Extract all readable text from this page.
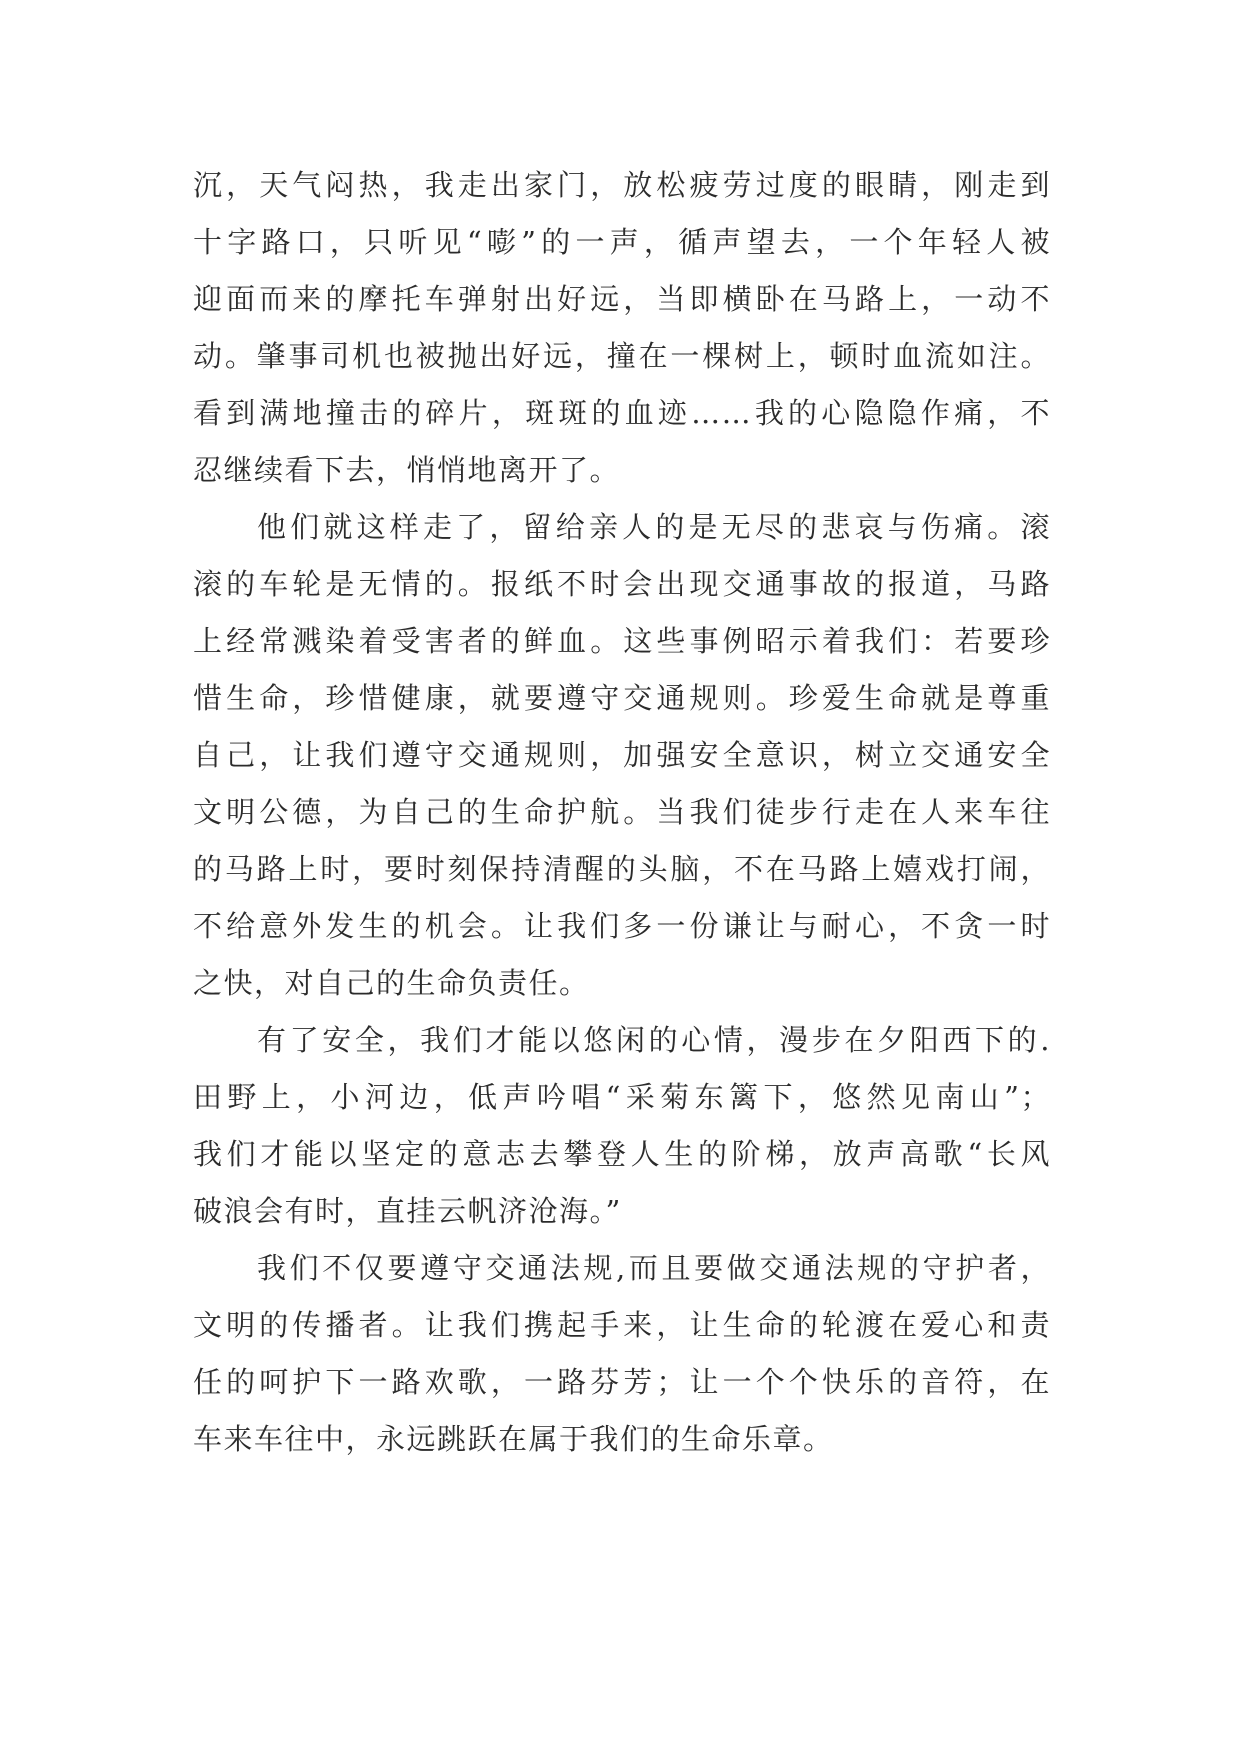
沉，天气闷热，我走出家门，放松疲劳过度的眼睛，刚走到
十字路口，只听见“嘭”的一声，循声望去，一个年轻人被
迎面而来的摩托车弹射出好远，当即横卧在马路上，一动不
动。肇事司机也被抛出好远，撞在一棵树上，顿时血流如注。
看到满地撞击的碎片，斑斑的血迹……我的心隐隐作痛，不
忍继续看下去，悄悄地离开了。
他们就这样走了，留给亲人的是无尽的悲哀与伤痛。滚
滚的车轮是无情的。报纸不时会出现交通事故的报道，马路
上经常溅染着受害者的鲜血。这些事例昭示着我们：若要珍
惜生命，珍惜健康，就要遵守交通规则。珍爱生命就是尊重
自己，让我们遵守交通规则，加强安全意识，树立交通安全
文明公德，为自己的生命护航。当我们徒步行走在人来车往
的马路上时，要时刻保持清醒的头脑，不在马路上嬉戏打闹，
不给意外发生的机会。让我们多一份谦让与耐心，不贪一时
之快，对自己的生命负责任。
有了安全，我们才能以悠闲的心情，漫步在夕阳西下的.
田野上，小河边，低声吟唱“采菊东篱下，悠然见南山”；
我们才能以坚定的意志去攀登人生的阶梯，放声高歌“长风
破浪会有时，直挂云帆济沧海。”
我们不仅要遵守交通法规,而且要做交通法规的守护者，
文明的传播者。让我们携起手来，让生命的轮渡在爱心和责
任的呵护下一路欢歌，一路芬芳；让一个个快乐的音符，在
车来车往中，永远跳跃在属于我们的生命乐章。
